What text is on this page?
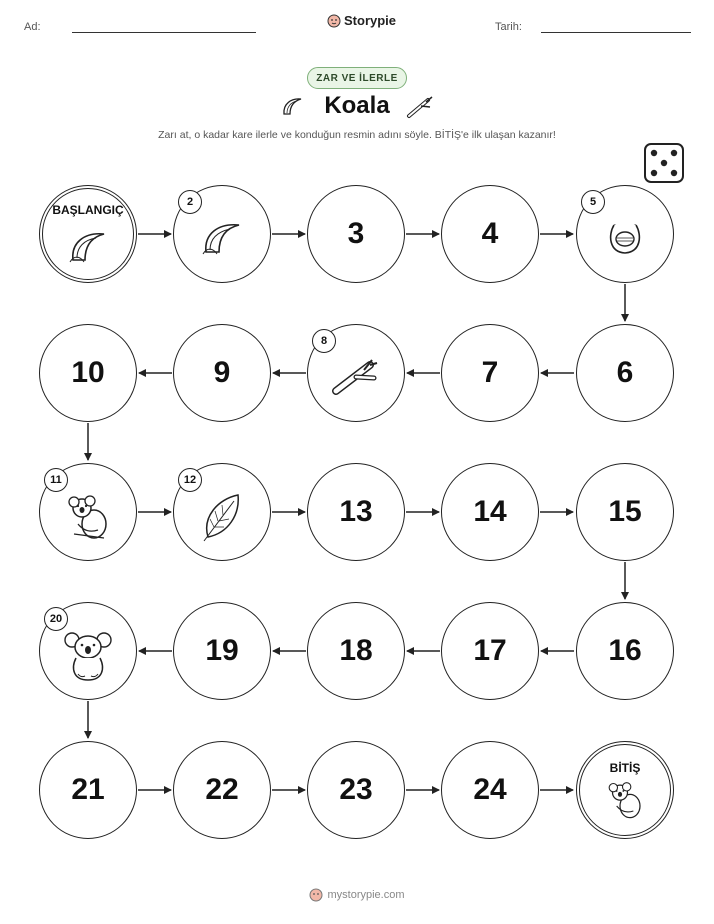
Ad:	Storypie	Tarih:
ZAR VE İLERLE
Koala
Zarı at, o kadar kare ilerle ve konduğun resmin adını söyle. BİTİŞ'e ilk ulaşan kazanır!
BAŞLANGIÇ
2
3	4
5
10	9
8
7	6
11	12
13	14	15
20
19	18	17	16
21	22	23	24
BİTİŞ
mystorypie.com
